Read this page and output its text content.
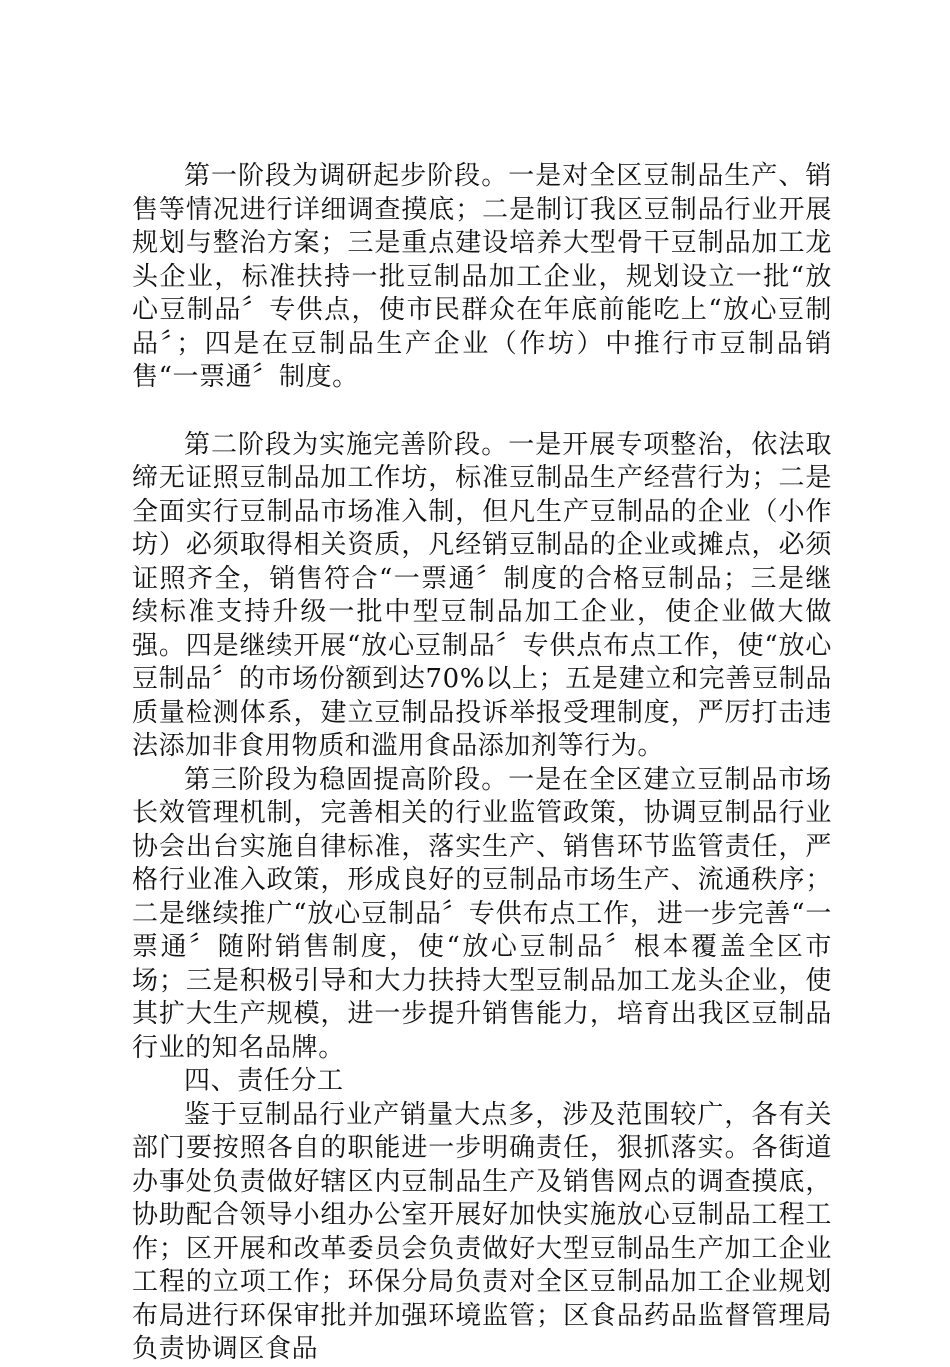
第一阶段为调研起步阶段。一是对全区豆制品生产、销售等情况进行详细调查摸底；二是制订我区豆制品行业开展规划与整治方案；三是重点建设培养大型骨干豆制品加工龙头企业，标准扶持一批豆制品加工企业，规划设立一批“放心豆制品〞专供点，使市民群众在年底前能吃上“放心豆制品〞；四是在豆制品生产企业（作坊）中推行市豆制品销售“一票通〞制度。

第二阶段为实施完善阶段。一是开展专项整治，依法取缔无证照豆制品加工作坊，标准豆制品生产经营行为；二是全面实行豆制品市场准入制，但凡生产豆制品的企业（小作坊）必须取得相关资质，凡经销豆制品的企业或摊点，必须证照齐全，销售符合“一票通〞制度的合格豆制品；三是继续标准支持升级一批中型豆制品加工企业，使企业做大做强。四是继续开展“放心豆制品〞专供点布点工作，使“放心豆制品〞的市场份额到达70%以上；五是建立和完善豆制品质量检测体系，建立豆制品投诉举报受理制度，严厉打击违法添加非食用物质和滥用食品添加剂等行为。

第三阶段为稳固提高阶段。一是在全区建立豆制品市场长效管理机制，完善相关的行业监管政策，协调豆制品行业协会出台实施自律标准，落实生产、销售环节监管责任，严格行业准入政策，形成良好的豆制品市场生产、流通秩序；二是继续推广“放心豆制品〞专供布点工作，进一步完善“一票通〞随附销售制度，使“放心豆制品〞根本覆盖全区市场；三是积极引导和大力扶持大型豆制品加工龙头企业，使其扩大生产规模，进一步提升销售能力，培育出我区豆制品行业的知名品牌。

四、责任分工

鉴于豆制品行业产销量大点多，涉及范围较广，各有关部门要按照各自的职能进一步明确责任，狠抓落实。各街道办事处负责做好辖区内豆制品生产及销售网点的调查摸底，协助配合领导小组办公室开展好加快实施放心豆制品工程工作；区开展和改革委员会负责做好大型豆制品生产加工企业工程的立项工作；环保分局负责对全区豆制品加工企业规划布局进行环保审批并加强环境监管；区食品药品监督管理局负责协调区食品
